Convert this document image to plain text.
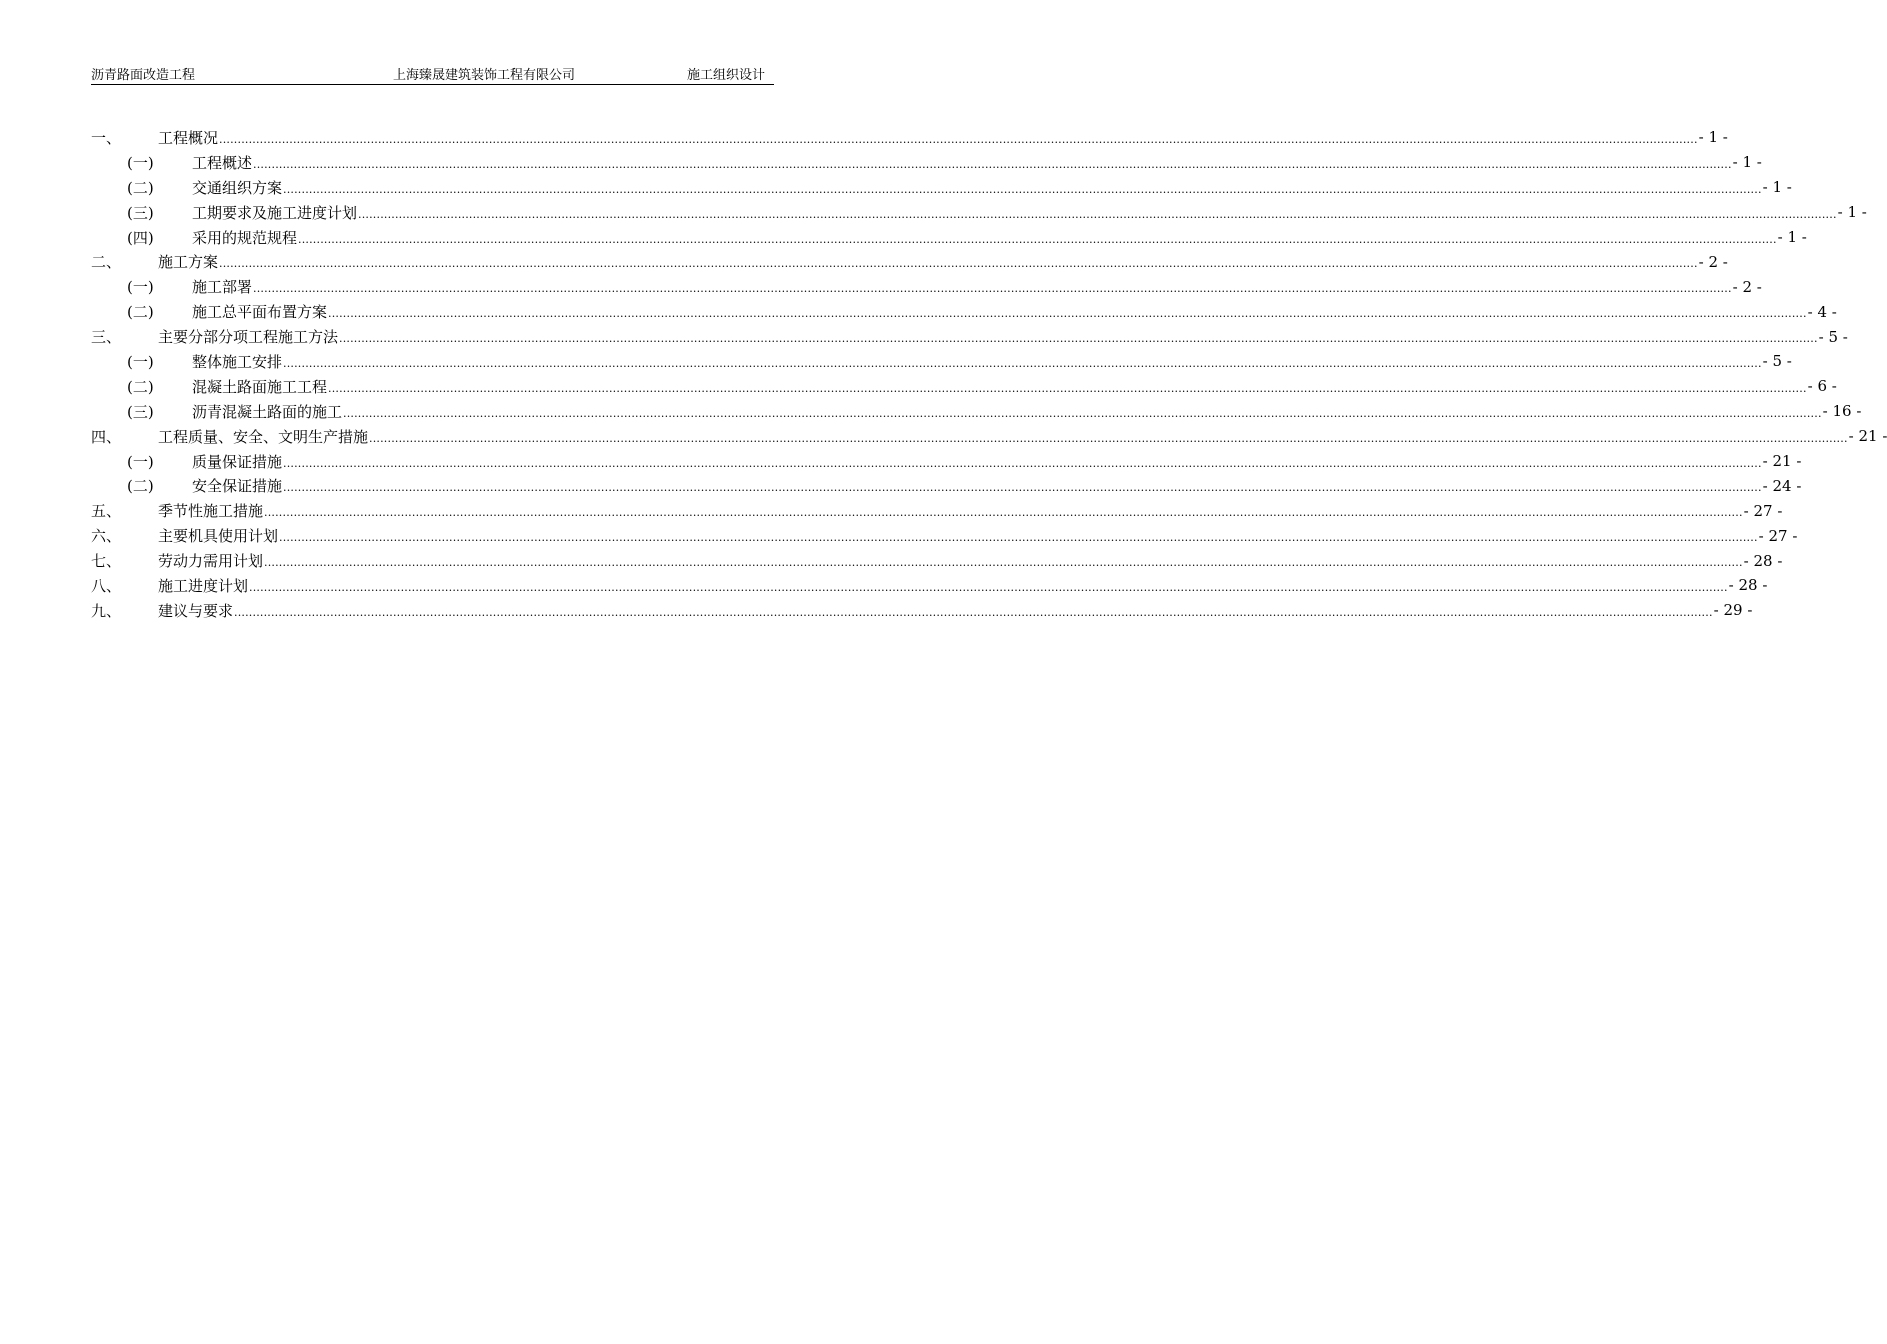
沥青路面改造工程	上海臻晟建筑装饰工程有限公司	施工组织设计
一、 工程概况 ................................................................................................................................................................................................................................................................................................................................................................................................................ - 1 -
(一)	工程概述 ................................................................................................................................................................................................................................................................................................................................................................................................................ - 1 -
(二)	交通组织方案 ................................................................................................................................................................................................................................................................................................................................................................................................................ - 1 -
(三)	工期要求及施工进度计划 ................................................................................................................................................................................................................................................................................................................................................................................................................ - 1 -
(四)	采用的规范规程 ................................................................................................................................................................................................................................................................................................................................................................................................................ - 1 -
二、 施工方案 ................................................................................................................................................................................................................................................................................................................................................................................................................ - 2 -
(一)	施工部署 ................................................................................................................................................................................................................................................................................................................................................................................................................ - 2 -
(二)	施工总平面布置方案 ................................................................................................................................................................................................................................................................................................................................................................................................................ - 4 -
三、 主要分部分项工程施工方法 ................................................................................................................................................................................................................................................................................................................................................................................................................ - 5 -
(一)	整体施工安排 ................................................................................................................................................................................................................................................................................................................................................................................................................ - 5 -
(二)	混凝土路面施工工程 ................................................................................................................................................................................................................................................................................................................................................................................................................ - 6 -
(三)	沥青混凝土路面的施工 ................................................................................................................................................................................................................................................................................................................................................................................................................ - 16 -
四、 工程质量、安全、文明生产措施 ................................................................................................................................................................................................................................................................................................................................................................................................................ - 21 -
(一)	质量保证措施 ................................................................................................................................................................................................................................................................................................................................................................................................................ - 21 -
(二)	安全保证措施 ................................................................................................................................................................................................................................................................................................................................................................................................................ - 24 -
五、 季节性施工措施 ................................................................................................................................................................................................................................................................................................................................................................................................................ - 27 -
六、 主要机具使用计划 ................................................................................................................................................................................................................................................................................................................................................................................................................ - 27 -
七、 劳动力需用计划 ................................................................................................................................................................................................................................................................................................................................................................................................................ - 28 -
八、 施工进度计划 ................................................................................................................................................................................................................................................................................................................................................................................................................ - 28 -
九、 建议与要求 ................................................................................................................................................................................................................................................................................................................................................................................................................ - 29 -
